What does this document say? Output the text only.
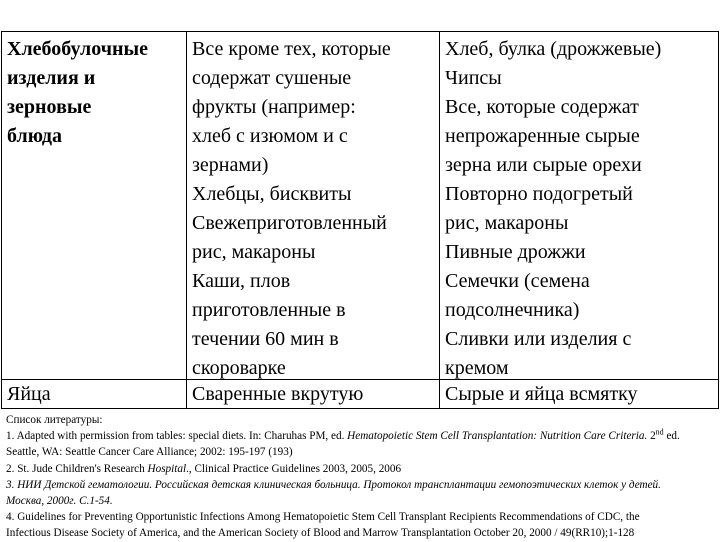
Хлебобулочные
изделия и
зерновые
блюда
Все кроме тех, которые
содержат сушеные
фрукты (например:
хлеб с изюмом и с
зернами)
Хлебцы, бисквиты
Свежеприготовленный
рис, макароны
Каши, плов
приготовленные в
течении 60 мин в
скороварке
Хлеб, булка (дрожжевые)
Чипсы
Все, которые содержат
непрожаренные сырые
зерна или сырые орехи
Повторно подогретый
рис, макароны
Пивные дрожжи
Семечки (семена
подсолнечника)
Сливки или изделия с
кремом
Яйца	Сваренные вкрутую	Сырые и яйца всмятку
Список литературы:
1. Adapted with permission from tables: special diets. In: Charuhas PM, ed. Hematopoietic Stem Cell Transplantation: Nutrition Care Criteria. 2nd ed.
Seattle, WA: Seattle Cancer Care Alliance; 2002: 195-197 (193)
2. St. Jude Children's Research Hospital., Clinical Practice Guidelines 2003, 2005, 2006
3. НИИ Детской гематологии. Российская детская клиническая больница. Протокол трансплантации гемопоэтических клеток у детей.
Москва, 2000г. С.1-54.
4. Guidelines for Preventing Opportunistic Infections Among Hematopoietic Stem Cell Transplant Recipients Recommendations of CDC, the
Infectious Disease Society of America, and the American Society of Blood and Marrow Transplantation October 20, 2000 / 49(RR10);1-128
